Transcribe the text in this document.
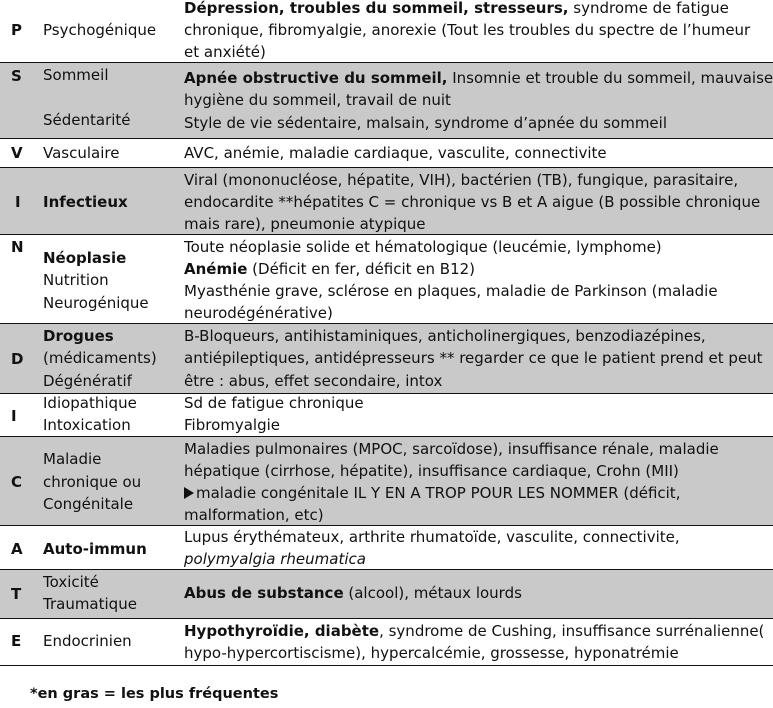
P Psychogénique
Dépression, troubles du sommeil, stresseurs, syndrome de fatigue
chronique, fibromyalgie, anorexie (Tout les troubles du spectre de l’humeur
et anxiété)
S Sommeil
Sédentarité
Apnée obstructive du sommeil, Insomnie et trouble du sommeil, mauvaise
hygiène du sommeil, travail de nuit
Style de vie sédentaire, malsain, syndrome d’apnée du sommeil
V Vasculaire	AVC, anémie, maladie cardiaque, vasculite, connectivite
I Infectieux
Viral (mononucléose, hépatite, VIH), bactérien (TB), fungique, parasitaire,
endocardite **hépatites C = chronique vs B et A aigue (B possible chronique
mais rare), pneumonie atypique
N
Néoplasie
Nutrition
Neurogénique
Toute néoplasie solide et hématologique (leucémie, lymphome)
Anémie (Déficit en fer, déficit en B12)
Myasthénie grave, sclérose en plaques, maladie de Parkinson (maladie
neurodégénérative)
D
Drogues
(médicaments)
Dégénératif
B-Bloqueurs, antihistaminiques, anticholinergiques, benzodiazépines,
antiépileptiques, antidépresseurs ** regarder ce que le patient prend et peut
être : abus, effet secondaire, intox
I
Idiopathique
Intoxication
Sd de fatigue chronique
Fibromyalgie
C
Maladie
chronique ou
Congénitale
Maladies pulmonaires (MPOC, sarcoïdose), insuffisance rénale, maladie
hépatique (cirrhose, hépatite), insuffisance cardiaque, Crohn (MII)
maladie congénitale IL Y EN A TROP POUR LES NOMMER (déficit,
malformation, etc)
A Auto-immun
Lupus érythémateux, arthrite rhumatoïde, vasculite, connectivite,
polymyalgia rheumatica
T
Toxicité
Traumatique
Abus de substance (alcool), métaux lourds
E Endocrinien
Hypothyroïdie, diabète, syndrome de Cushing, insuffisance surrénalienne(
hypo-hypercortiscisme), hypercalcémie, grossesse, hyponatrémie
*en gras = les plus fréquentes
